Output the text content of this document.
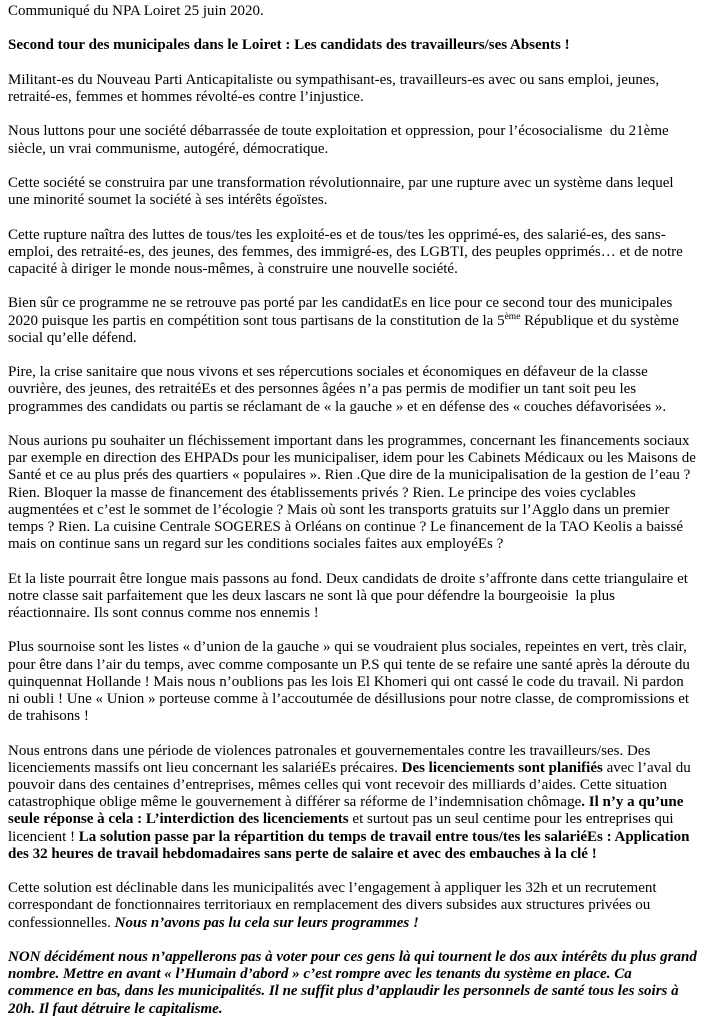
Communiqué du NPA Loiret 25 juin 2020.

Second tour des municipales dans le Loiret : Les candidats des travailleurs/ses Absents !

Militant-es du Nouveau Parti Anticapitaliste ou sympathisant-es, travailleurs-es avec ou sans emploi, jeunes, retraité-es, femmes et hommes révolté-es contre l’injustice.

Nous luttons pour une société débarrassée de toute exploitation et oppression, pour l’écosocialisme  du 21ème siècle, un vrai communisme, autogéré, démocratique.

Cette société se construira par une transformation révolutionnaire, par une rupture avec un système dans lequel une minorité soumet la société à ses intérêts égoïstes.

Cette rupture naîtra des luttes de tous/tes les exploité-es et de tous/tes les opprimé-es, des salarié-es, des sans-emploi, des retraité-es, des jeunes, des femmes, des immigré-es, des LGBTI, des peuples opprimés… et de notre capacité à diriger le monde nous-mêmes, à construire une nouvelle société.

Bien sûr ce programme ne se retrouve pas porté par les candidatEs en lice pour ce second tour des municipales 2020 puisque les partis en compétition sont tous partisans de la constitution de la 5ème République et du système social qu’elle défend.

Pire, la crise sanitaire que nous vivons et ses répercutions sociales et économiques en défaveur de la classe ouvrière, des jeunes, des retraitéEs et des personnes âgées n’a pas permis de modifier un tant soit peu les programmes des candidats ou partis se réclamant de « la gauche » et en défense des « couches défavorisées ».

Nous aurions pu souhaiter un fléchissement important dans les programmes, concernant les financements sociaux par exemple en direction des EHPADs pour les municipaliser, idem pour les Cabinets Médicaux ou les Maisons de Santé et ce au plus prés des quartiers « populaires ». Rien .Que dire de la municipalisation de la gestion de l’eau ? Rien. Bloquer la masse de financement des établissements privés ? Rien. Le principe des voies cyclables augmentées et c’est le sommet de l’écologie ? Mais où sont les transports gratuits sur l’Agglo dans un premier temps ? Rien. La cuisine Centrale SOGERES à Orléans on continue ? Le financement de la TAO Keolis a baissé mais on continue sans un regard sur les conditions sociales faites aux employéEs ?

Et la liste pourrait être longue mais passons au fond. Deux candidats de droite s’affronte dans cette triangulaire et notre classe sait parfaitement que les deux lascars ne sont là que pour défendre la bourgeoisie  la plus réactionnaire. Ils sont connus comme nos ennemis !

Plus sournoise sont les listes « d’union de la gauche » qui se voudraient plus sociales, repeintes en vert, très clair, pour être dans l’air du temps, avec comme composante un P.S qui tente de se refaire une santé après la déroute du quinquennat Hollande ! Mais nous n’oublions pas les lois El Khomeri qui ont cassé le code du travail. Ni pardon ni oubli ! Une « Union » porteuse comme à l’accoutumée de désillusions pour notre classe, de compromissions et de trahisons !

Nous entrons dans une période de violences patronales et gouvernementales contre les travailleurs/ses. Des licenciements massifs ont lieu concernant les salariéEs précaires. Des licenciements sont planifiés avec l’aval du pouvoir dans des centaines d’entreprises, mêmes celles qui vont recevoir des milliards d’aides. Cette situation catastrophique oblige même le gouvernement à différer sa réforme de l’indemnisation chômage. Il n’y a qu’une seule réponse à cela : L’interdiction des licenciements et surtout pas un seul centime pour les entreprises qui licencient ! La solution passe par la répartition du temps de travail entre tous/tes les salariéEs : Application des 32 heures de travail hebdomadaires sans perte de salaire et avec des embauches à la clé !

Cette solution est déclinable dans les municipalités avec l’engagement à appliquer les 32h et un recrutement correspondant de fonctionnaires territoriaux en remplacement des divers subsides aux structures privées ou confessionnelles. Nous n’avons pas lu cela sur leurs programmes !

NON décidément nous n’appellerons pas à voter pour ces gens là qui tournent le dos aux intérêts du plus grand nombre. Mettre en avant « l’Humain d’abord » c’est rompre avec les tenants du système en place. Ca commence en bas, dans les municipalités. Il ne suffit plus d’applaudir les personnels de santé tous les soirs à 20h. Il faut détruire le capitalisme.
